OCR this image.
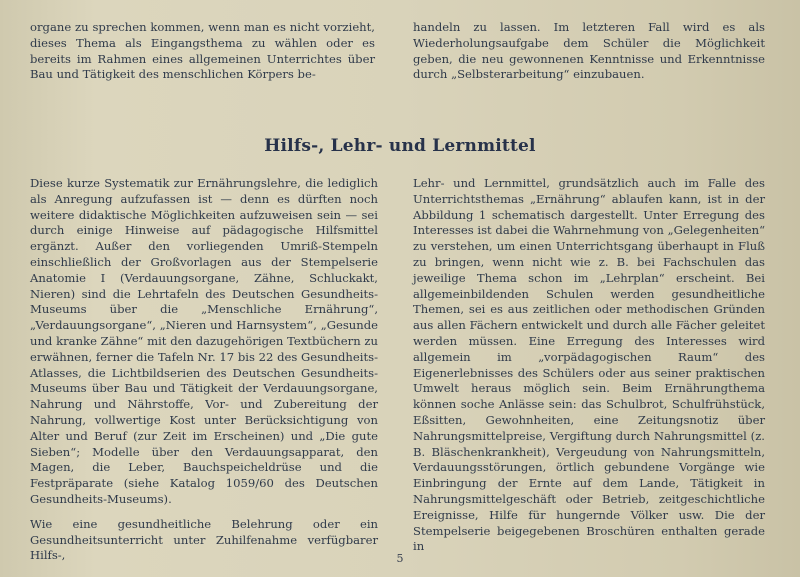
organe zu sprechen kommen, wenn man es nicht vorzieht, dieses Thema als Eingangsthema zu wählen oder es bereits im Rahmen eines allgemeinen Unterrichtes über Bau und Tätigkeit des menschlichen Körpers be-

handeln zu lassen. Im letzteren Fall wird es als Wiederholungsaufgabe dem Schüler die Möglichkeit geben, die neu gewonnenen Kenntnisse und Erkenntnisse durch „Selbsterarbeitung“ einzubauen.

Hilfs-, Lehr- und Lernmittel

Diese kurze Systematik zur Ernährungslehre, die lediglich als Anregung aufzufassen ist — denn es dürften noch weitere didaktische Möglichkeiten aufzuweisen sein — sei durch einige Hinweise auf pädagogische Hilfsmittel ergänzt. Außer den vorliegenden Umriß-Stempeln einschließlich der Großvorlagen aus der Stempelserie Anatomie I (Verdauungsorgane, Zähne, Schluckakt, Nieren) sind die Lehrtafeln des Deutschen Gesundheits-Museums über die „Menschliche Ernährung“, „Verdauungsorgane“, „Nieren und Harnsystem“, „Gesunde und kranke Zähne“ mit den dazugehörigen Textbüchern zu erwähnen, ferner die Tafeln Nr. 17 bis 22 des Gesundheits-Atlasses, die Lichtbildserien des Deutschen Gesundheits-Museums über Bau und Tätigkeit der Verdauungsorgane, Nahrung und Nährstoffe, Vor- und Zubereitung der Nahrung, vollwertige Kost unter Berücksichtigung von Alter und Beruf (zur Zeit im Erscheinen) und „Die gute Sieben“; Modelle über den Verdauungsapparat, den Magen, die Leber, Bauchspeicheldrüse und die Festpräparate (siehe Katalog 1059/60 des Deutschen Gesundheits-Museums).

Wie eine gesundheitliche Belehrung oder ein Gesundheitsunterricht unter Zuhilfenahme verfügbarer Hilfs-,

Lehr- und Lernmittel, grundsätzlich auch im Falle des Unterrichtsthemas „Ernährung“ ablaufen kann, ist in der Abbildung 1 schematisch dargestellt. Unter Erregung des Interesses ist dabei die Wahrnehmung von „Gelegenheiten“ zu verstehen, um einen Unterrichtsgang überhaupt in Fluß zu bringen, wenn nicht wie z. B. bei Fachschulen das jeweilige Thema schon im „Lehrplan“ erscheint. Bei allgemeinbildenden Schulen werden gesundheitliche Themen, sei es aus zeitlichen oder methodischen Gründen aus allen Fächern entwickelt und durch alle Fächer geleitet werden müssen. Eine Erregung des Interesses wird allgemein im „vorpädagogischen Raum“ des Eigenerlebnisses des Schülers oder aus seiner praktischen Umwelt heraus möglich sein. Beim Ernährungthema können soche Anlässe sein: das Schulbrot, Schulfrühstück, Eßsitten, Gewohnheiten, eine Zeitungsnotiz über Nahrungsmittelpreise, Vergiftung durch Nahrungsmittel (z. B. Bläschenkrankheit), Vergeudung von Nahrungsmitteln, Verdauungsstörungen, örtlich gebundene Vorgänge wie Einbringung der Ernte auf dem Lande, Tätigkeit in Nahrungsmittelgeschäft oder Betrieb, zeitgeschichtliche Ereignisse, Hilfe für hungernde Völker usw. Die der Stempelserie beigegebenen Broschüren enthalten gerade in

5
